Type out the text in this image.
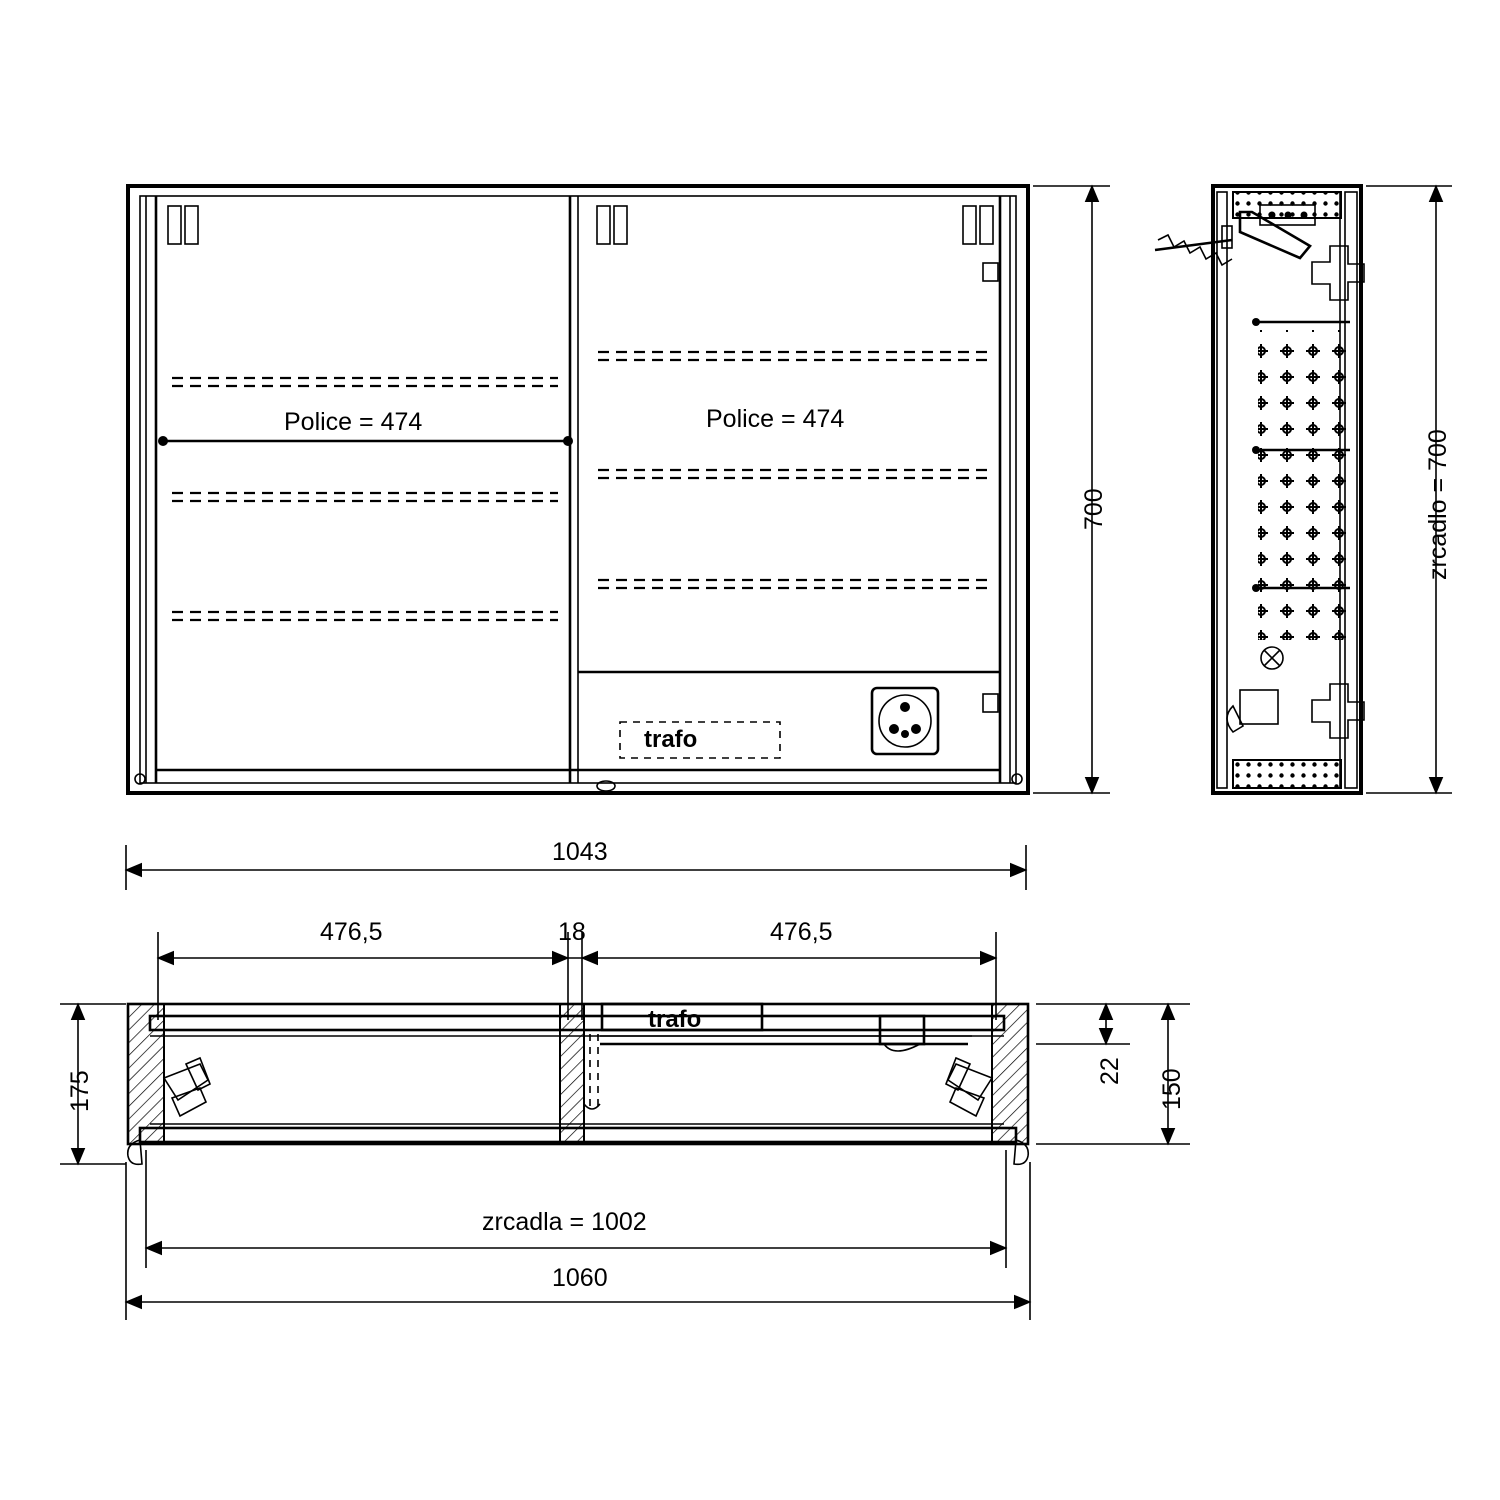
Police = 474	Police = 474
trafo
700	zrcadlo = 700
1043
476,5	18	476,5
trafo
175	22 150
zrcadla = 1002
1060
